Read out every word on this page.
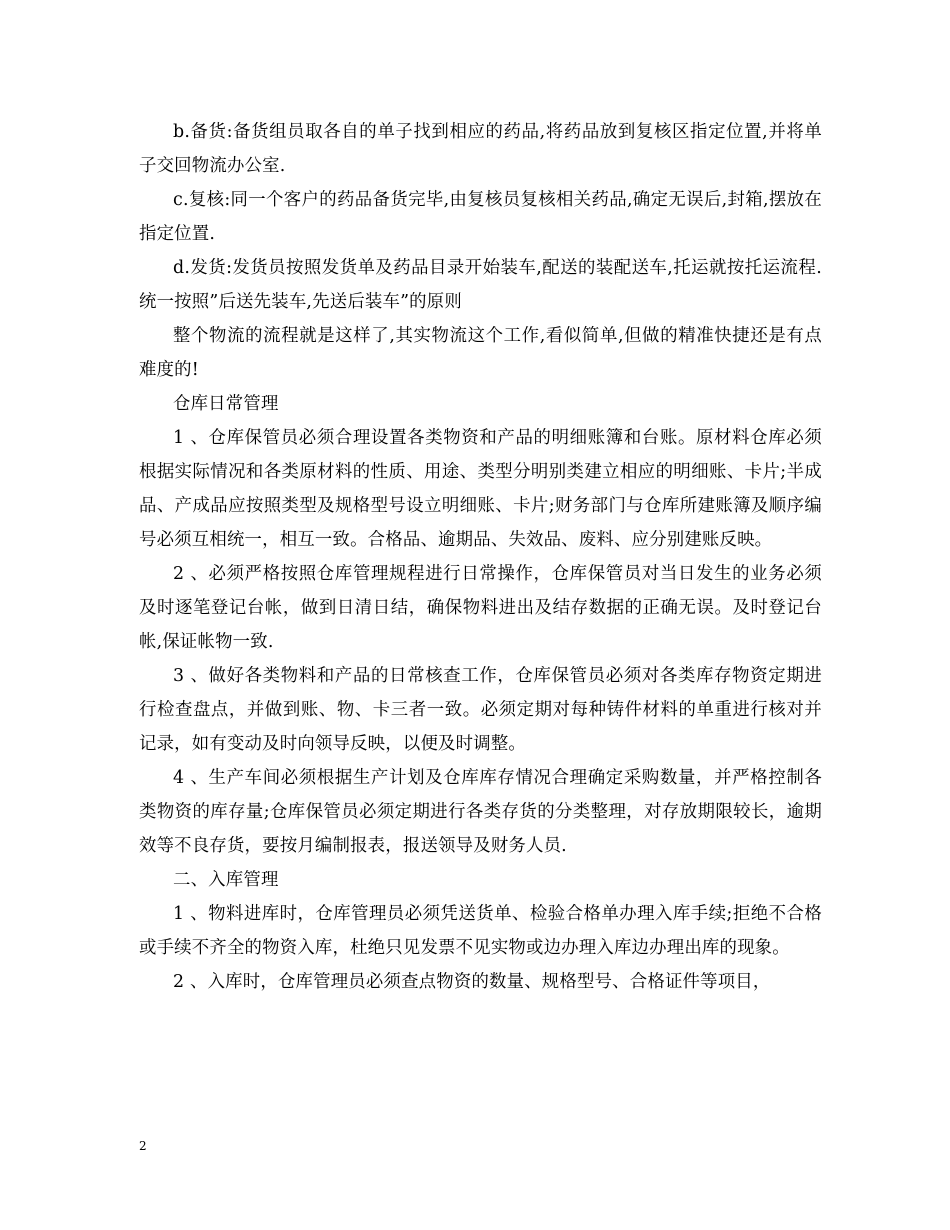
b.备货:备货组员取各自的单子找到相应的药品,将药品放到复核区指定位置,并将单子交回物流办公室.

c.复核:同一个客户的药品备货完毕,由复核员复核相关药品,确定无误后,封箱,摆放在指定位置.

d.发货:发货员按照发货单及药品目录开始装车,配送的装配送车,托运就按托运流程.统一按照”后送先装车,先送后装车”的原则

整个物流的流程就是这样了,其实物流这个工作,看似简单,但做的精准快捷还是有点难度的!

仓库日常管理

1 、仓库保管员必须合理设置各类物资和产品的明细账簿和台账。原材料仓库必须根据实际情况和各类原材料的性质、用途、类型分明别类建立相应的明细账、卡片;半成品、产成品应按照类型及规格型号设立明细账、卡片;财务部门与仓库所建账簿及顺序编号必须互相统一，相互一致。合格品、逾期品、失效品、废料、应分别建账反映。

2 、必须严格按照仓库管理规程进行日常操作，仓库保管员对当日发生的业务必须及时逐笔登记台帐，做到日清日结，确保物料进出及结存数据的正确无误。及时登记台帐,保证帐物一致.

3 、做好各类物料和产品的日常核查工作，仓库保管员必须对各类库存物资定期进行检查盘点，并做到账、物、卡三者一致。必须定期对每种铸件材料的单重进行核对并记录，如有变动及时向领导反映，以便及时调整。

4 、生产车间必须根据生产计划及仓库库存情况合理确定采购数量，并严格控制各类物资的库存量;仓库保管员必须定期进行各类存货的分类整理，对存放期限较长，逾期效等不良存货，要按月编制报表，报送领导及财务人员.

二、入库管理

1 、物料进库时，仓库管理员必须凭送货单、检验合格单办理入库手续;拒绝不合格或手续不齐全的物资入库，杜绝只见发票不见实物或边办理入库边办理出库的现象。

2 、入库时，仓库管理员必须查点物资的数量、规格型号、合格证件等项目，

2
